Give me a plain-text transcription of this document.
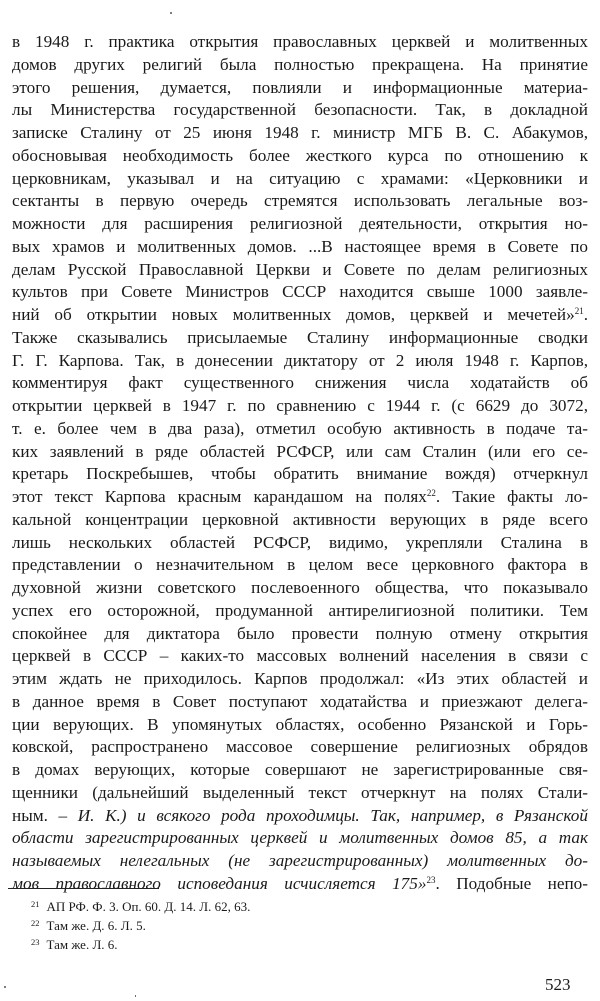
в 1948 г. практика открытия православных церквей и молитвенных
домов других религий была полностью прекращена. На принятие
этого решения, думается, повлияли и информационные материа-
лы Министерства государственной безопасности. Так, в докладной
записке Сталину от 25 июня 1948 г. министр МГБ В. С. Абакумов,
обосновывая необходимость более жесткого курса по отношению к
церковникам, указывал и на ситуацию с храмами: «Церковники и
сектанты в первую очередь стремятся использовать легальные воз-
можности для расширения религиозной деятельности, открытия но-
вых храмов и молитвенных домов. ...В настоящее время в Совете по
делам Русской Православной Церкви и Совете по делам религиозных
культов при Совете Министров СССР находится свыше 1000 заявле-
ний об открытии новых молитвенных домов, церквей и мечетей»$^{21}$.
Также сказывались присылаемые Сталину информационные сводки
Г. Г. Карпова. Так, в донесении диктатору от 2 июля 1948 г. Карпов,
комментируя факт существенного снижения числа ходатайств об
открытии церквей в 1947 г. по сравнению с 1944 г. (с 6629 до 3072,
т. е. более чем в два раза), отметил особую активность в подаче та-
ких заявлений в ряде областей РСФСР, или сам Сталин (или его се-
кретарь Поскребышев, чтобы обратить внимание вождя) отчеркнул
этот текст Карпова красным карандашом на полях$^{22}$. Такие факты ло-
кальной концентрации церковной активности верующих в ряде всего
лишь нескольких областей РСФСР, видимо, укрепляли Сталина в
представлении о незначительном в целом весе церковного фактора в
духовной жизни советского послевоенного общества, что показывало
успех его осторожной, продуманной антирелигиозной политики. Тем
спокойнее для диктатора было провести полную отмену открытия
церквей в СССР – каких-то массовых волнений населения в связи с
этим ждать не приходилось. Карпов продолжал: «Из этих областей и
в данное время в Совет поступают ходатайства и приезжают делега-
ции верующих. В упомянутых областях, особенно Рязанской и Горь-
ковской, распространено массовое совершение религиозных обрядов
в домах верующих, которые совершают не зарегистрированные свя-
щенники (дальнейший выделенный текст отчеркнут на полях Стали-
ным. – И. К.) и всякого рода проходимцы. Так, например, в Рязанской
области зарегистрированных церквей и молитвенных домов 85, а так
называемых нелегальных (не зарегистрированных) молитвенных до-
мов православного исповедания исчисляется 175»$^{23}$. Подобные непо-
$^{21}$ АП РФ. Ф. 3. Оп. 60. Д. 14. Л. 62, 63.
$^{22}$ Там же. Д. 6. Л. 5.
$^{23}$ Там же. Л. 6.
523
